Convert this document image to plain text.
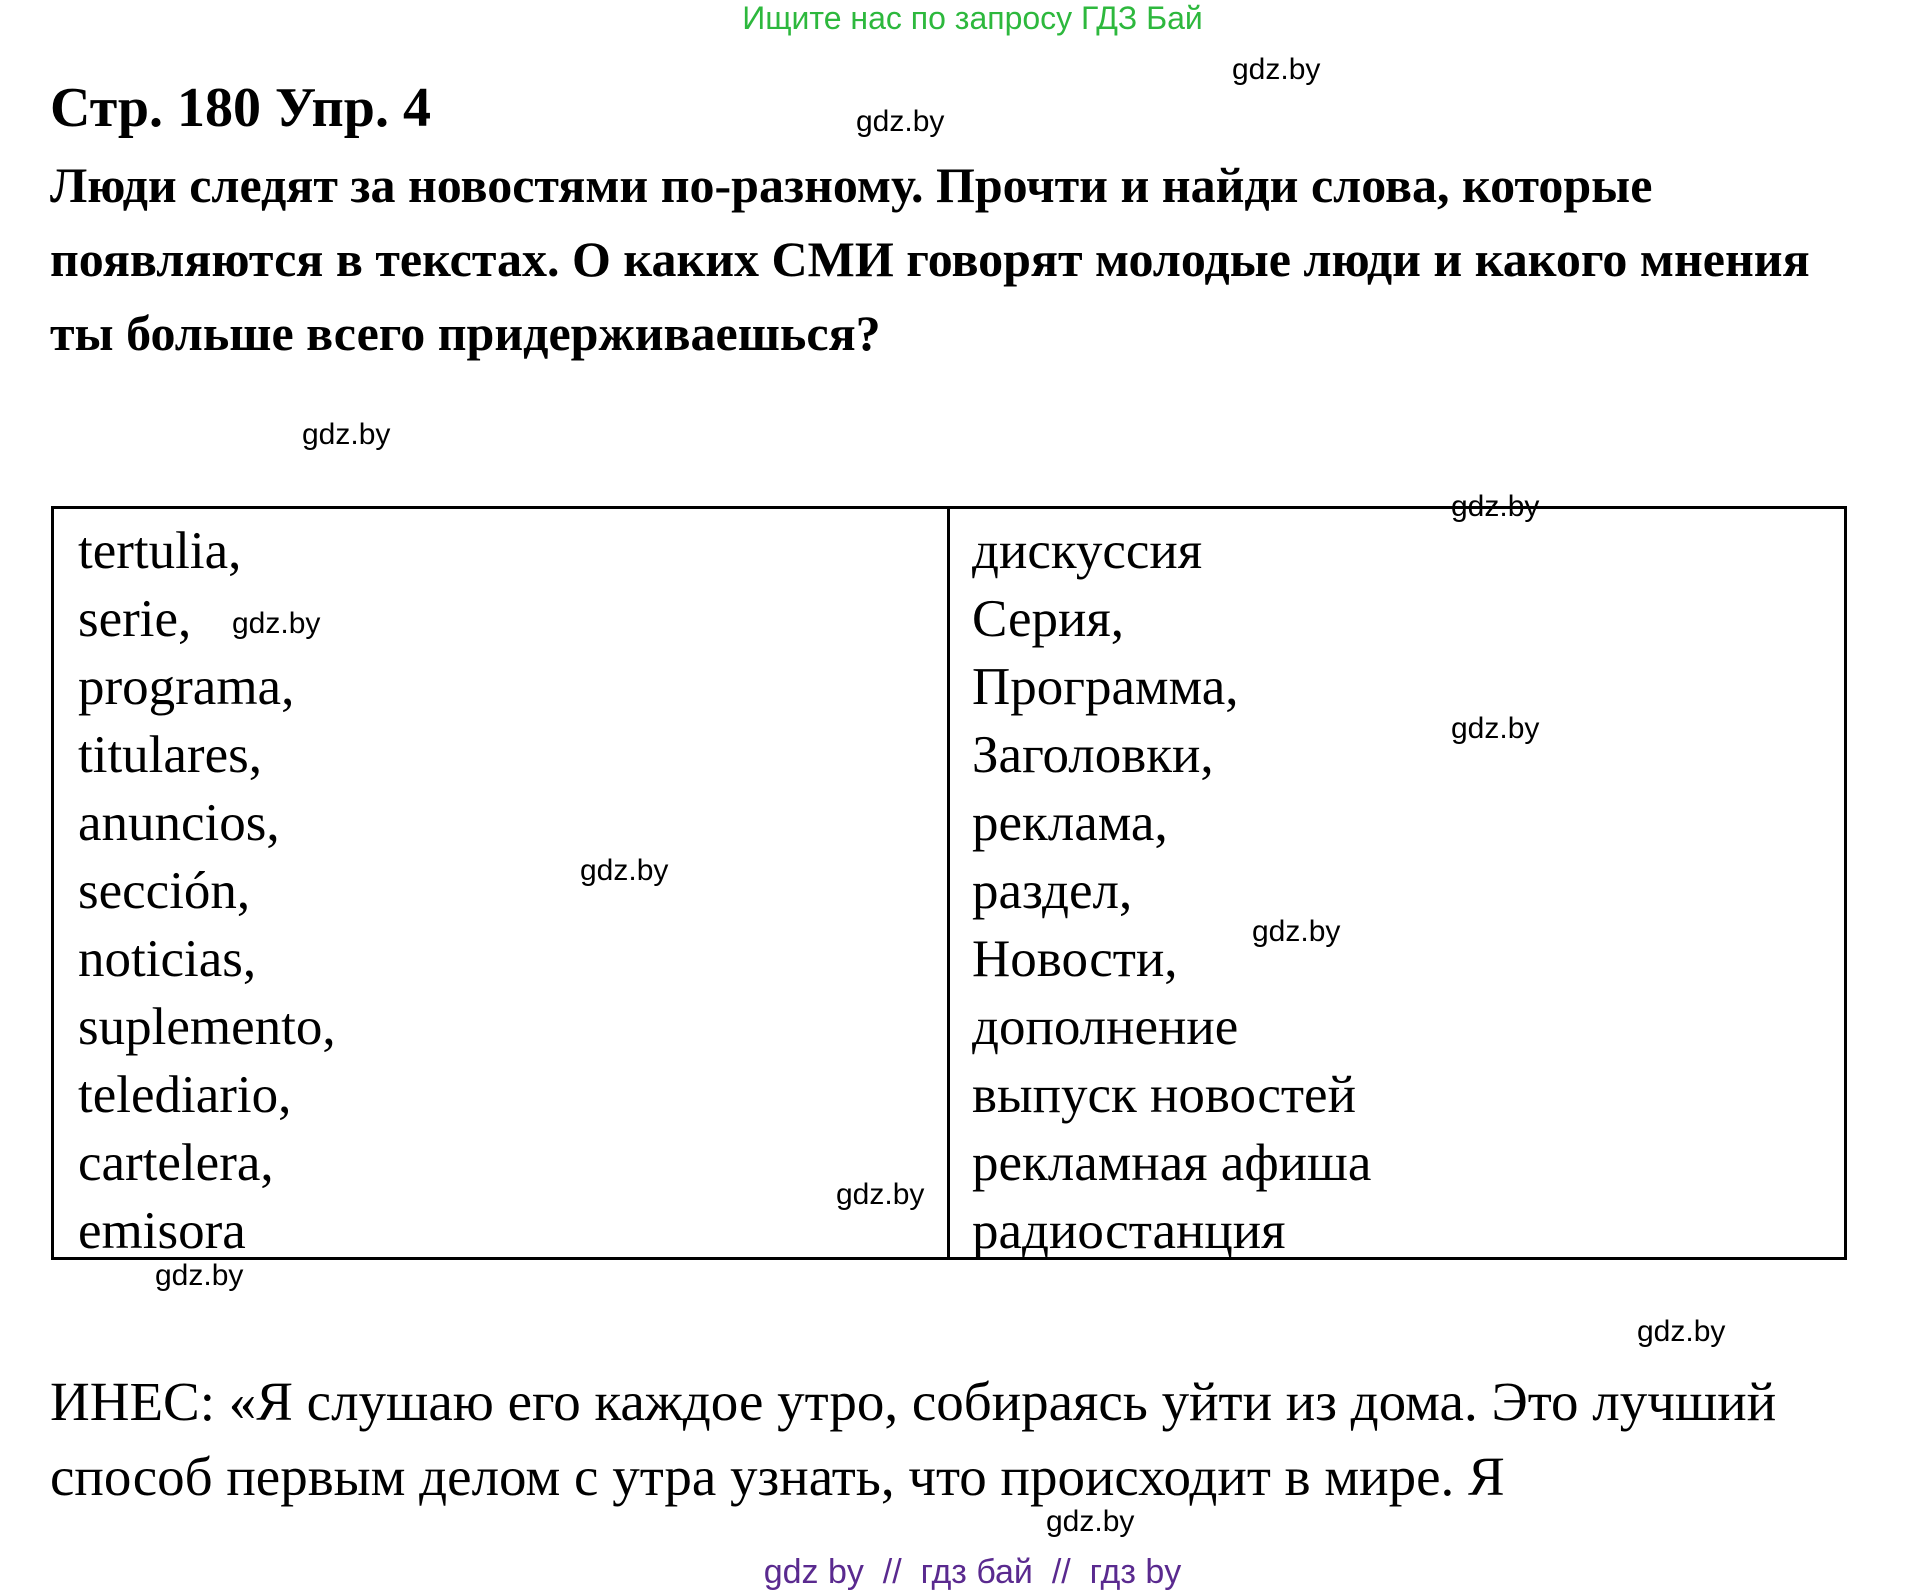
Ищите нас по запросу ГДЗ Бай
Стр. 180 Упр. 4
Люди следят за новостями по-разному. Прочти и найди слова, которые появляются в текстах. О каких СМИ говорят молодые люди и какого мнения ты больше всего придерживаешься?
tertulia,
serie,
programa,
titulares,
anuncios,
sección,
noticias,
suplemento,
telediario,
cartelera,
emisora
дискуссия
Серия,
Программа,
Заголовки,
реклама,
раздел,
Новости,
дополнение
выпуск новостей
рекламная афиша
радиостанция
ИНЕС: «Я слушаю его каждое утро, собираясь уйти из дома. Это лучший способ первым делом с утра узнать, что происходит в мире. Я
gdz.by
gdz.by
gdz.by
gdz.by
gdz.by
gdz.by
gdz.by
gdz.by
gdz.by
gdz.by
gdz.by
gdz.by
gdz by  //  гдз бай  //  гдз by
